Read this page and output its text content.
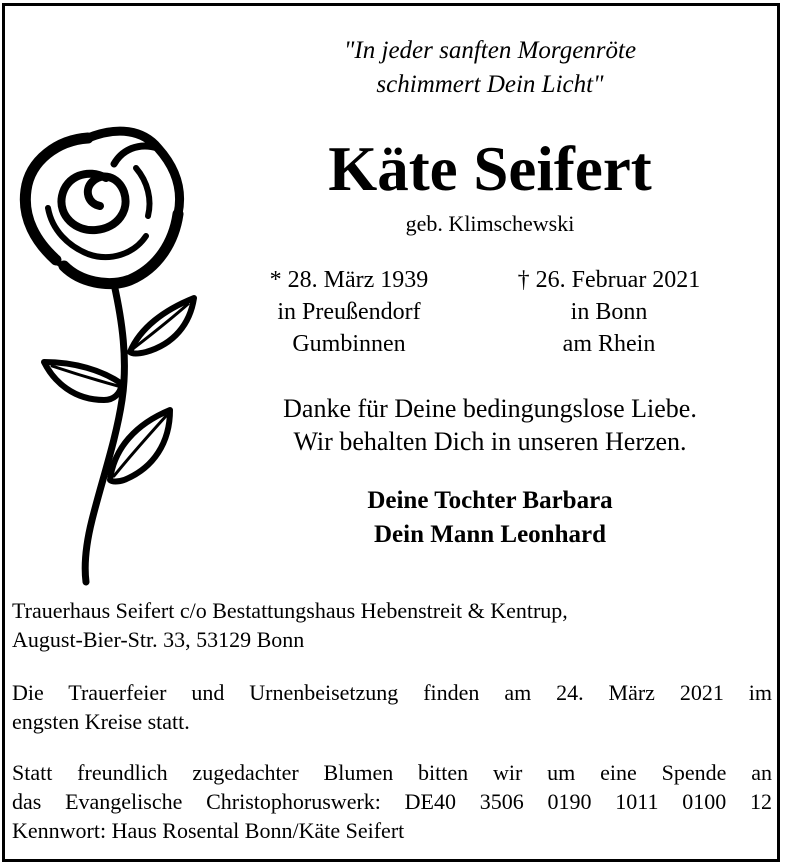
"In jeder sanften Morgenröte
schimmert Dein Licht"
Käte Seifert
geb. Klimschewski
* 28. März 1939
in Preußendorf
Gumbinnen
† 26. Februar 2021
in Bonn
am Rhein
Danke für Deine bedingungslose Liebe.
Wir behalten Dich in unseren Herzen.
Deine Tochter Barbara
Dein Mann Leonhard
Trauerhaus Seifert c/o Bestattungshaus Hebenstreit & Kentrup,
August-Bier-Str. 33, 53129 Bonn
Die Trauerfeier und Urnenbeisetzung finden am 24. März 2021 im
engsten Kreise statt.
Statt freundlich zugedachter Blumen bitten wir um eine Spende an
das Evangelische Christophoruswerk: DE40 3506 0190 1011 0100 12
Kennwort: Haus Rosental Bonn/Käte Seifert
